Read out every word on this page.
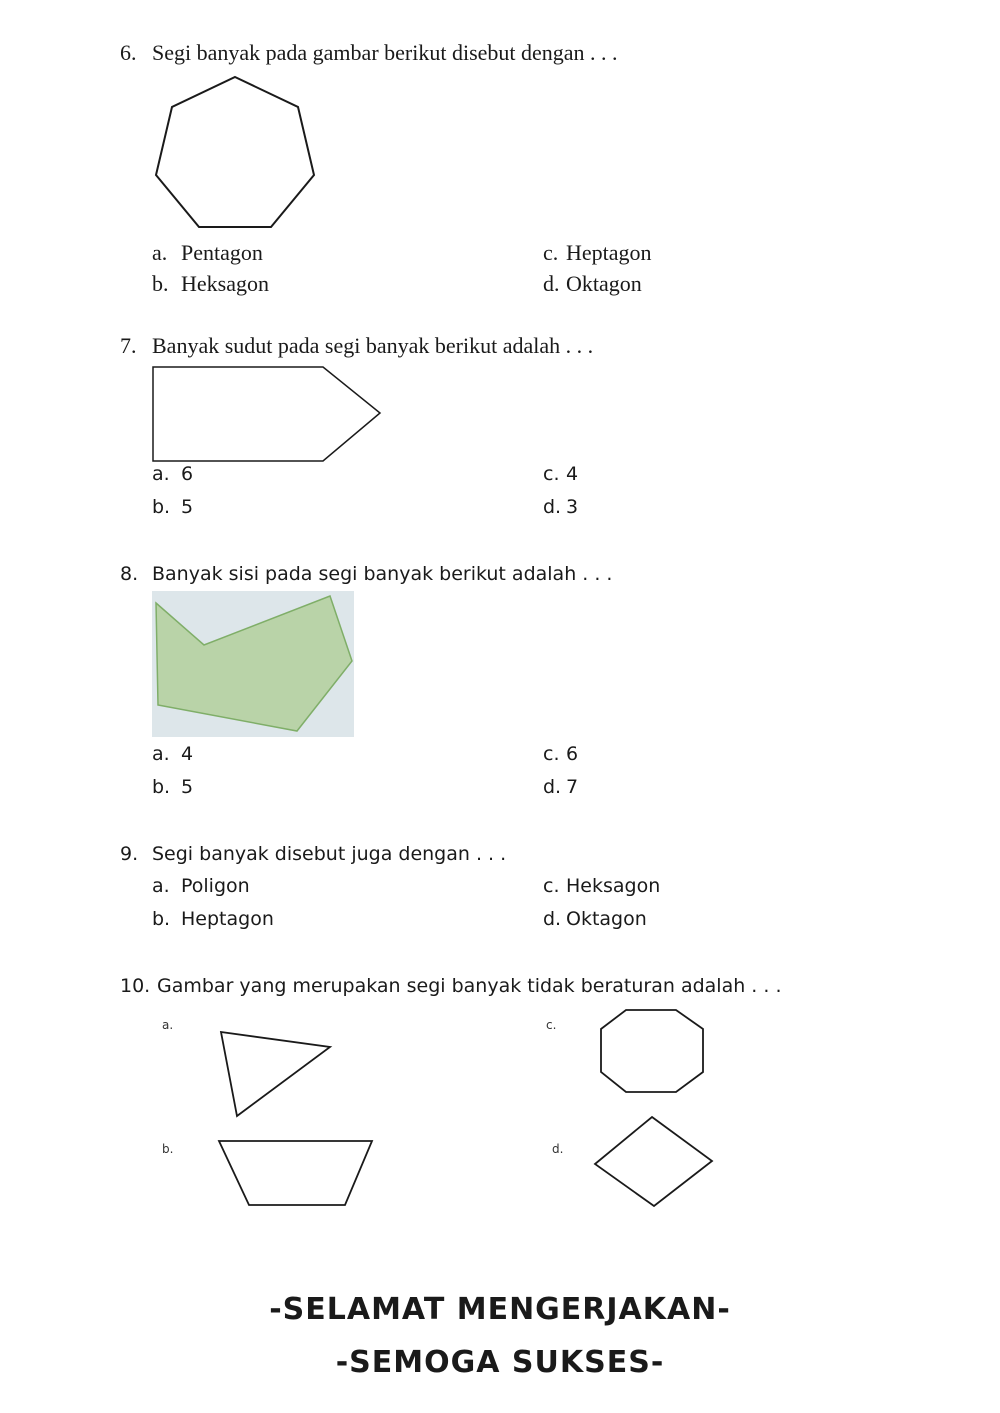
6. Segi banyak pada gambar berikut disebut dengan . . .
a. Pentagon
b. Heksagon
c. Heptagon
d. Oktagon
7. Banyak sudut pada segi banyak berikut adalah . . .
a. 6
b. 5
c. 4
d. 3
8. Banyak sisi pada segi banyak berikut adalah . . .
a. 4
b. 5
c. 6
d. 7
9. Segi banyak disebut juga dengan . . .
a. Poligon
b. Heptagon
c. Heksagon
d. Oktagon
10. Gambar yang merupakan segi banyak tidak beraturan adalah . . .
a.	c.
b.	d.
-SELAMAT MENGERJAKAN-
-SEMOGA SUKSES-
